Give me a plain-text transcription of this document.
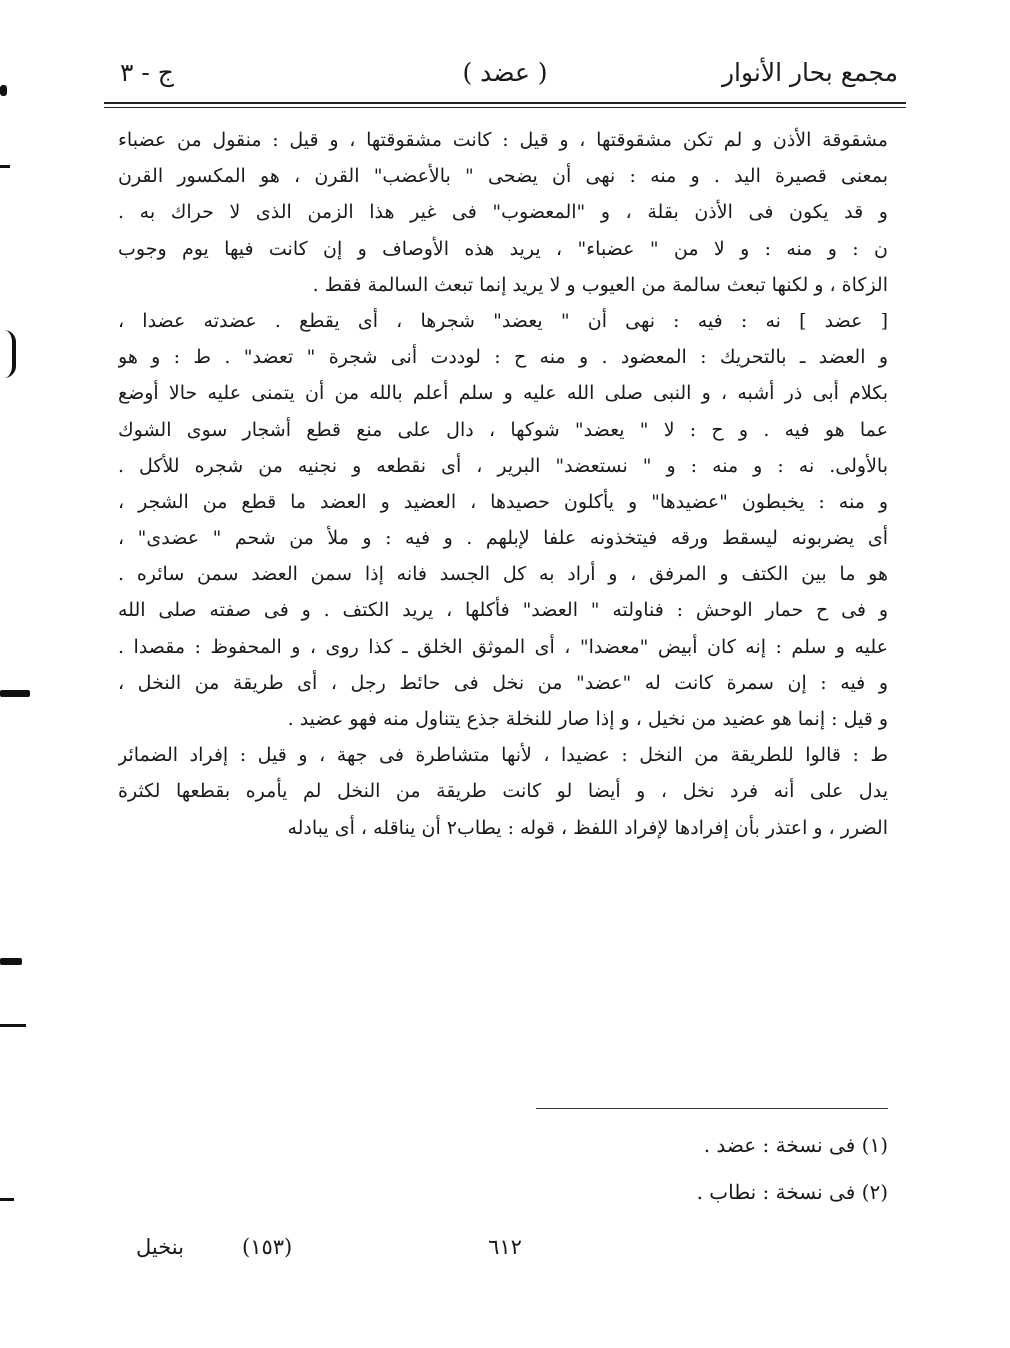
مجمع بحار الأنوار
( عضد )
ج - ٣
مشقوقة الأذن و لم تكن مشقوقتها ، و قيل : كانت مشقوقتها ، و قيل : منقول من عضباء
بمعنى قصيرة اليد . و منه : نهى أن يضحى " بالأعضب" القرن ، هو المكسور القرن
و قد يكون فى الأذن بقلة ، و "المعضوب" فى غير هذا الزمن الذى لا حراك به .
ن : و منه : و لا من " عضباء" ، يريد هذه الأوصاف و إن كانت فيها يوم وجوب
الزكاة ، و لكنها تبعث سالمة من العيوب و لا يريد إنما تبعث السالمة فقط .
[ عضد ] نه : فيه : نهى أن " يعضد" شجرها ، أى يقطع . عضدته عضدا ،
و العضد ـ بالتحريك : المعضود . و منه ح : لوددت أنى شجرة " تعضد" . ط : و هو
بكلام أبى ذر أشبه ، و النبى صلى الله عليه و سلم أعلم بالله من أن يتمنى عليه حالا أوضع
عما هو فيه . و ح : لا " يعضد" شوكها ، دال على منع قطع أشجار سوى الشوك
بالأولى. نه : و منه : و " نستعضد" البرير ، أى نقطعه و نجنيه من شجره للأكل .
و منه : يخبطون "عضيدها" و يأكلون حصيدها ، العضيد و العضد ما قطع من الشجر ،
أى يضربونه ليسقط ورقه فيتخذونه علفا لإبلهم . و فيه : و ملأ من شحم " عضدى" ،
هو ما بين الكتف و المرفق ، و أراد به كل الجسد فانه إذا سمن العضد سمن سائره .
و فى ح حمار الوحش : فناولته " العضد" فأكلها ، يريد الكتف . و فى صفته صلى الله
عليه و سلم : إنه كان أبيض "معضدا" ، أى الموثق الخلق ـ كذا روى ، و المحفوظ : مقصدا .
و فيه : إن سمرة كانت له "عضد" من نخل فى حائط رجل ، أى طريقة من النخل ،
و قيل : إنما هو عضيد من نخيل ، و إذا صار للنخلة جذع يتناول منه فهو عضيد .
ط : قالوا للطريقة من النخل : عضيدا ، لأنها متشاطرة فى جهة ، و قيل : إفراد الضمائر
يدل على أنه فرد نخل ، و أيضا لو كانت طريقة من النخل لم يأمره بقطعها لكثرة
الضرر ، و اعتذر بأن إفرادها لإفراد اللفظ ، قوله : يطاب٢ أن يناقله ، أى يبادله
(١) فى نسخة : عضد .
(٢) فى نسخة : نطاب .
٦١٢
(١٥٣)
بنخيل
